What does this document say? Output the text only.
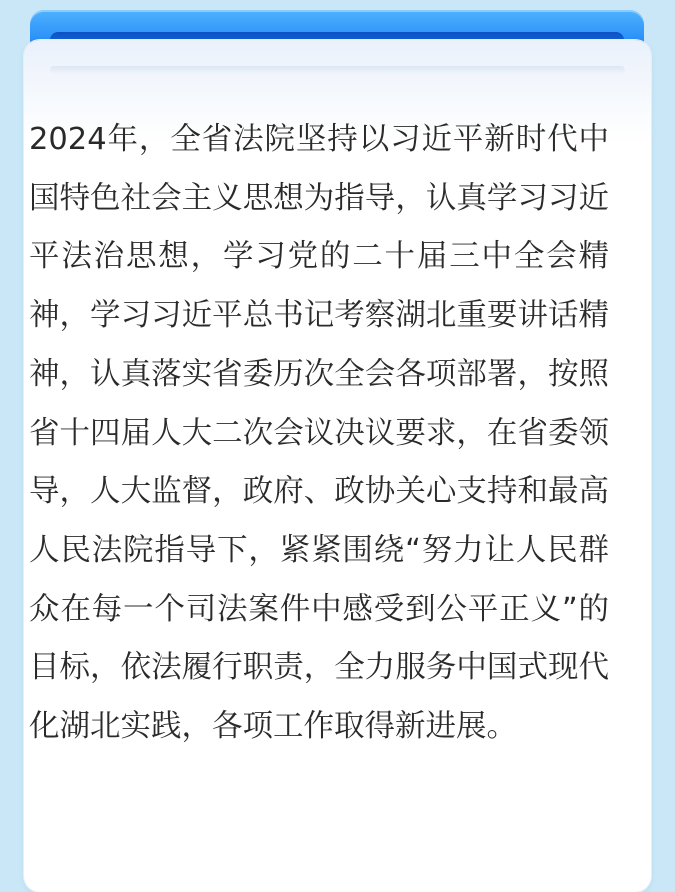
2024年，全省法院坚持以习近平新时代中国特色社会主义思想为指导，认真学习习近平法治思想，学习党的二十届三中全会精神，学习习近平总书记考察湖北重要讲话精神，认真落实省委历次全会各项部署，按照省十四届人大二次会议决议要求，在省委领导，人大监督，政府、政协关心支持和最高人民法院指导下，紧紧围绕“努力让人民群众在每一个司法案件中感受到公平正义”的目标，依法履行职责，全力服务中国式现代化湖北实践，各项工作取得新进展。
